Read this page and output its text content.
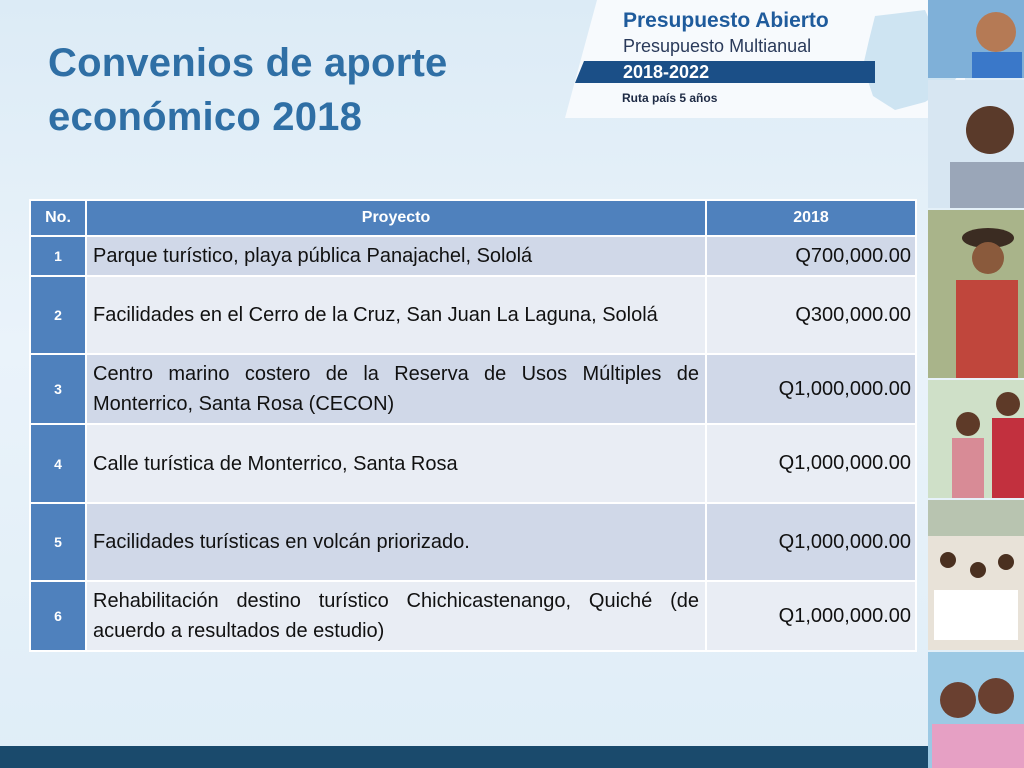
Convenios de aporte económico 2018

Presupuesto Abierto

Presupuesto Multianual

2018-2022

Ruta país 5 años

No.	Proyecto	2018
1	Parque turístico, playa pública Panajachel, Sololá	Q700,000.00
2	Facilidades en el Cerro de la Cruz, San Juan La Laguna, Sololá	Q300,000.00
3	Centro marino costero de la Reserva de Usos Múltiples de Monterrico, Santa Rosa (CECON)	Q1,000,000.00
4	Calle turística de Monterrico, Santa Rosa	Q1,000,000.00
5	Facilidades turísticas en volcán priorizado.	Q1,000,000.00
6	Rehabilitación destino turístico Chichicastenango, Quiché (de acuerdo a resultados de estudio)	Q1,000,000.00
